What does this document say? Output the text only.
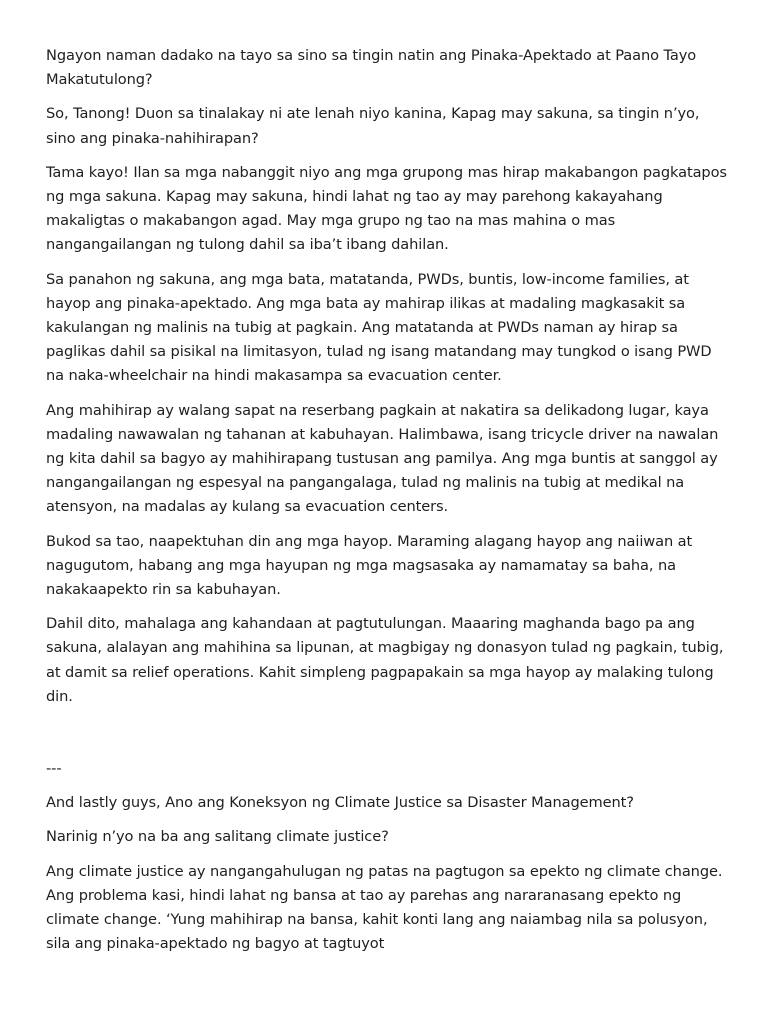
Ngayon naman dadako na tayo sa sino sa tingin natin ang Pinaka-Apektado at Paano Tayo Makatutulong?

So, Tanong! Duon sa tinalakay ni ate lenah niyo kanina, Kapag may sakuna, sa tingin n’yo, sino ang pinaka-nahihirapan?

Tama kayo! Ilan sa mga nabanggit niyo ang mga grupong mas hirap makabangon pagkatapos ng mga sakuna. Kapag may sakuna, hindi lahat ng tao ay may parehong kakayahang makaligtas o makabangon agad. May mga grupo ng tao na mas mahina o mas nangangailangan ng tulong dahil sa iba’t ibang dahilan.

Sa panahon ng sakuna, ang mga bata, matatanda, PWDs, buntis, low-income families, at hayop ang pinaka-apektado. Ang mga bata ay mahirap ilikas at madaling magkasakit sa kakulangan ng malinis na tubig at pagkain. Ang matatanda at PWDs naman ay hirap sa paglikas dahil sa pisikal na limitasyon, tulad ng isang matandang may tungkod o isang PWD na naka-wheelchair na hindi makasampa sa evacuation center.

Ang mahihirap ay walang sapat na reserbang pagkain at nakatira sa delikadong lugar, kaya madaling nawawalan ng tahanan at kabuhayan. Halimbawa, isang tricycle driver na nawalan ng kita dahil sa bagyo ay mahihirapang tustusan ang pamilya. Ang mga buntis at sanggol ay nangangailangan ng espesyal na pangangalaga, tulad ng malinis na tubig at medikal na atensyon, na madalas ay kulang sa evacuation centers.

Bukod sa tao, naapektuhan din ang mga hayop. Maraming alagang hayop ang naiiwan at nagugutom, habang ang mga hayupan ng mga magsasaka ay namamatay sa baha, na nakakaapekto rin sa kabuhayan.

Dahil dito, mahalaga ang kahandaan at pagtutulungan. Maaaring maghanda bago pa ang sakuna, alalayan ang mahihina sa lipunan, at magbigay ng donasyon tulad ng pagkain, tubig, at damit sa relief operations. Kahit simpleng pagpapakain sa mga hayop ay malaking tulong din.

---

And lastly guys, Ano ang Koneksyon ng Climate Justice sa Disaster Management?

Narinig n’yo na ba ang salitang climate justice?

Ang climate justice ay nangangahulugan ng patas na pagtugon sa epekto ng climate change. Ang problema kasi, hindi lahat ng bansa at tao ay parehas ang nararanasang epekto ng climate change. ‘Yung mahihirap na bansa, kahit konti lang ang naiambag nila sa polusyon, sila ang pinaka-apektado ng bagyo at tagtuyot
